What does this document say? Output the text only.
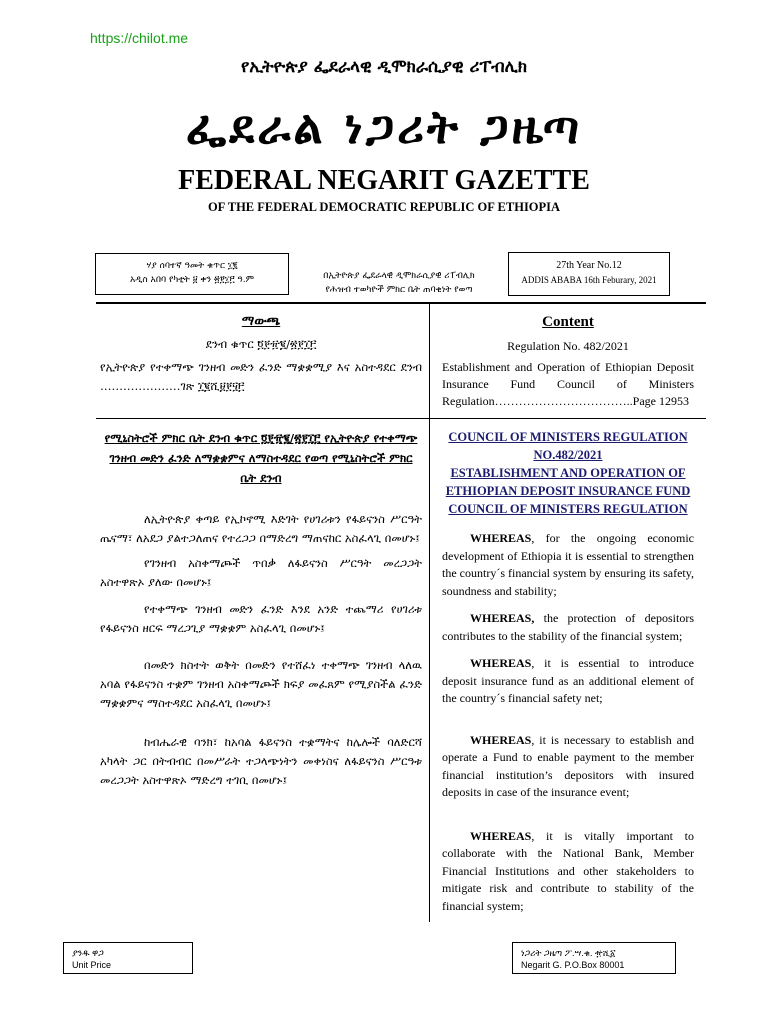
https://chilot.me
የኢትዮጵያ ፌደራላዊ ዲሞክራሲያዊ ሪፐብሊክ
ፌደራል ነጋሪት ጋዜጣ
FEDERAL NEGARIT GAZETTE
OF THE FEDERAL DEMOCRATIC REPUBLIC OF ETHIOPIA
ሃያ ሰባተኛ ዓመት ቁጥር ፲፪
አዲስ አበባ የካቲት ፱ ቀን ፳፻፲፫ ዓ.ም	በኢትዮጵያ ፌደራላዊ ዲሞክራሲያዊ ሪፐብሊክ
የሕዝብ ተወካዮች ምክር ቤት ጠባቂነት የወጣ
27th Year No.12
ADDIS ABABA 16th Feburary, 2021
ማውጫ
ደንብ ቁጥር ፬፻፹፪/፳፻፲፫
የኢትዮጵያ የተቀማጭ ገንዘብ መድን ፈንድ ማቋቋሚያ እና አስተዳደር ደንብ …………………ገጽ ፲፪ሺ፱፻፶፫
Content
Regulation No. 482/2021
Establishment and Operation of Ethiopian Deposit Insurance Fund Council of Ministers Regulation……………………………..Page 12953
የሚኒስትሮች ምክር ቤት ደንብ ቁጥር ፬፻፹፪/፳፻፲፫ የኢትዮጵያ የተቀማጭ ገንዘብ መድን ፈንድ ለማቋቋምና ለማስተዳደር የወጣ የሚኒስትሮች ምክር ቤት ደንብ

ለኢትዮጵያ ቀጣይ የኢኮኖሚ እድገት የሀገሪቱን የፋይናንስ ሥርዓት ጤናማ፣ ለአደጋ ያልተጋለጠና የተረጋጋ በማድረግ ማጠናከር አስፈላጊ በመሆኑ፤

የገንዘብ አስቀማጮች ጥበቃ ለፋይናንስ ሥርዓት መረጋጋት አስተዋጽኦ ያለው በመሆኑ፤

የተቀማጭ ገንዘብ መድን ፈንድ እንደ አንድ ተጨማሪ የሀገሪቱ የፋይናንስ ዘርፍ ማረጋጊያ ማቋቋም አስፈላጊ በመሆኑ፤

በመድን ክስተት ወቅት በመድን የተሸፈነ ተቀማጭ ገንዘብ ላለዉ አባል የፋይናንስ ተቋም ገንዘብ አስቀማጮች ክፍያ መፈጸም የሚያስችል ፈንድ ማቋቋምና ማስተዳደር አስፈላጊ በመሆኑ፤

ከብሔራዊ ባንክ፣ ከአባል ፋይናንስ ተቋማትና ከሌሎች ባለድርሻ አካላት ጋር በትብብር በመሥራት ተጋላጭነትን መቀነስና ለፋይናንስ ሥርዓቱ መረጋጋት አስተዋጽኦ ማድረግ ተገቢ በመሆኑ፤

COUNCIL OF MINISTERS REGULATION NO.482/2021
ESTABLISHMENT AND OPERATION OF ETHIOPIAN DEPOSIT INSURANCE FUND COUNCIL OF MINISTERS REGULATION

WHEREAS, for the ongoing economic development of Ethiopia it is essential to strengthen the country´s financial system by ensuring its safety, soundness and stability;

WHEREAS, the protection of depositors contributes to the stability of the financial system;

WHEREAS, it is essential to introduce deposit insurance fund as an additional element of the country´s financial safety net;

WHEREAS, it is necessary to establish and operate a Fund to enable payment to the member financial institution’s depositors with insured deposits in case of the insurance event;

WHEREAS, it is vitally important to collaborate with the National Bank, Member Financial Institutions and other stakeholders to mitigate risk and contribute to stability of the financial system;

ያንዱ ዋጋ
Unit Price
ነጋሪት ጋዜጣ ፖ.ሣ.ቁ. ፹ሺ፩
Negarit G. P.O.Box 80001
